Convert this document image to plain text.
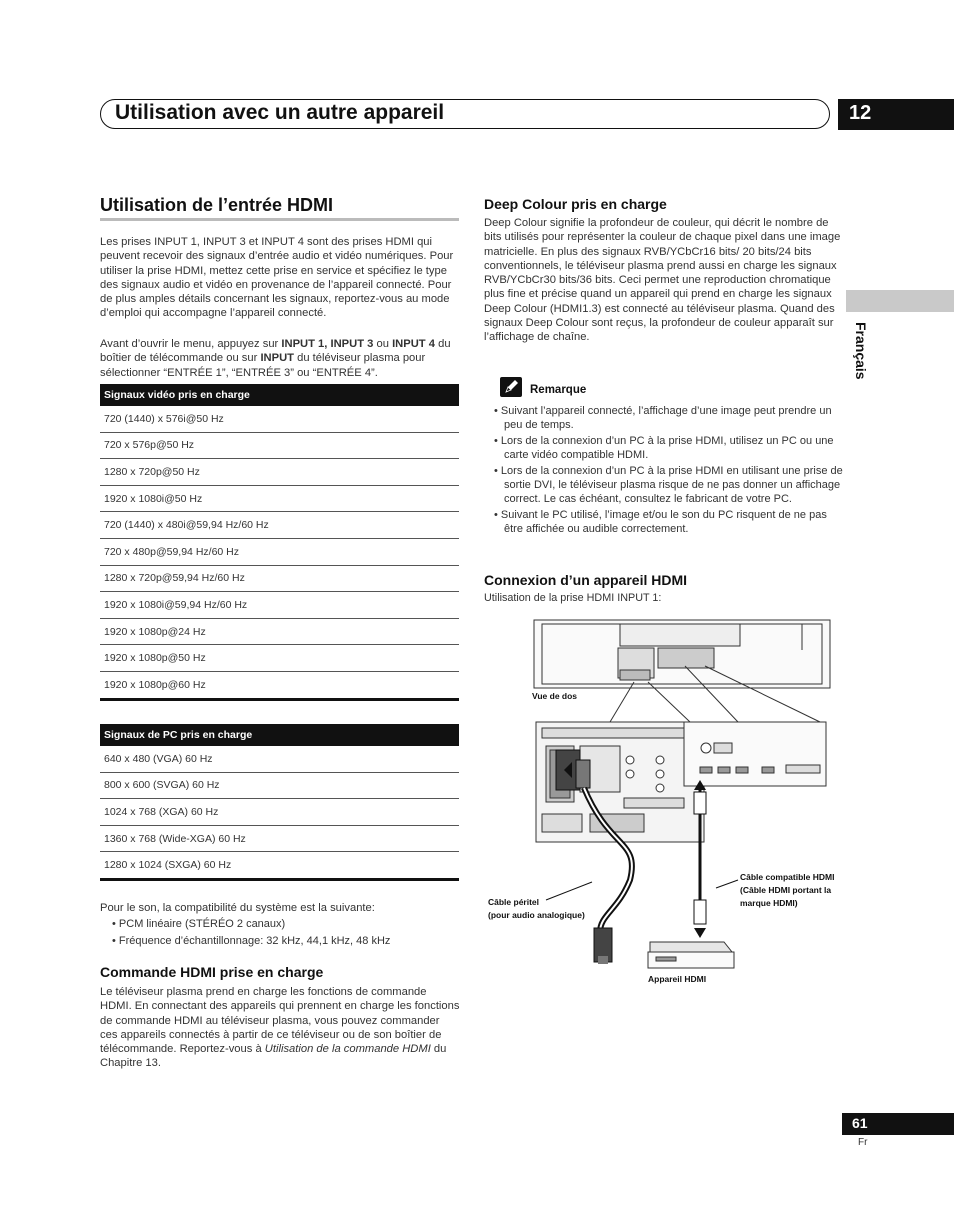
Utilisation avec un autre appareil	12
Français
Utilisation de l’entrée HDMI
Les prises INPUT 1, INPUT 3 et INPUT 4 sont des prises HDMI qui peuvent recevoir des signaux d’entrée audio et vidéo numériques. Pour utiliser la prise HDMI, mettez cette prise en service et spécifiez le type des signaux audio et vidéo en provenance de l’appareil connecté. Pour de plus amples détails concernant les signaux, reportez-vous au mode d’emploi qui accompagne l’appareil connecté.
Avant d’ouvrir le menu, appuyez sur INPUT 1, INPUT 3 ou INPUT 4 du boîtier de télécommande ou sur INPUT du téléviseur plasma pour sélectionner “ENTRÉE 1”, “ENTRÉE 3” ou “ENTRÉE 4”.
Signaux vidéo pris en charge
720 (1440) x 576i@50 Hz
720 x 576p@50 Hz
1280 x 720p@50 Hz
1920 x 1080i@50 Hz
720 (1440) x 480i@59,94 Hz/60 Hz
720 x 480p@59,94 Hz/60 Hz
1280 x 720p@59,94 Hz/60 Hz
1920 x 1080i@59,94 Hz/60 Hz
1920 x 1080p@24 Hz
1920 x 1080p@50 Hz
1920 x 1080p@60 Hz
Signaux de PC pris en charge
640 x 480 (VGA) 60 Hz
800 x 600 (SVGA) 60 Hz
1024 x 768 (XGA) 60 Hz
1360 x 768 (Wide-XGA) 60 Hz
1280 x 1024 (SXGA) 60 Hz
Pour le son, la compatibilité du système est la suivante:
• PCM linéaire (STÉRÉO 2 canaux)
• Fréquence d’échantillonnage: 32 kHz, 44,1 kHz, 48 kHz
Commande HDMI prise en charge
Le téléviseur plasma prend en charge les fonctions de commande HDMI. En connectant des appareils qui prennent en charge les fonctions de commande HDMI au téléviseur plasma, vous pouvez commander ces appareils connectés à partir de ce téléviseur ou de son boîtier de télécommande. Reportez-vous à Utilisation de la commande HDMI du Chapitre 13.
Deep Colour pris en charge
Deep Colour signifie la profondeur de couleur, qui décrit le nombre de bits utilisés pour représenter la couleur de chaque pixel dans une image matricielle. En plus des signaux RVB/YCbCr16 bits/ 20 bits/24 bits conventionnels, le téléviseur plasma prend aussi en charge les signaux RVB/YCbCr30 bits/36 bits. Ceci permet une reproduction chromatique plus fine et précise quand un appareil qui prend en charge les signaux Deep Colour (HDMI1.3) est connecté au téléviseur plasma. Quand des signaux Deep Colour sont reçus, la profondeur de couleur apparaît sur l’affichage de chaîne.
Remarque
• Suivant l’appareil connecté, l’affichage d’une image peut prendre un peu de temps.
• Lors de la connexion d’un PC à la prise HDMI, utilisez un PC ou une carte vidéo compatible HDMI.
• Lors de la connexion d’un PC à la prise HDMI en utilisant une prise de sortie DVI, le téléviseur plasma risque de ne pas donner un affichage correct. Le cas échéant, consultez le fabricant de votre PC.
• Suivant le PC utilisé, l’image et/ou le son du PC risquent de ne pas être affichée ou audible correctement.
Connexion d’un appareil HDMI
Utilisation de la prise HDMI INPUT 1:
Vue de dos
Câble compatible HDMI
(Câble HDMI portant la
marque HDMI)
Câble péritel
(pour audio analogique)
Appareil HDMI
61
Fr
